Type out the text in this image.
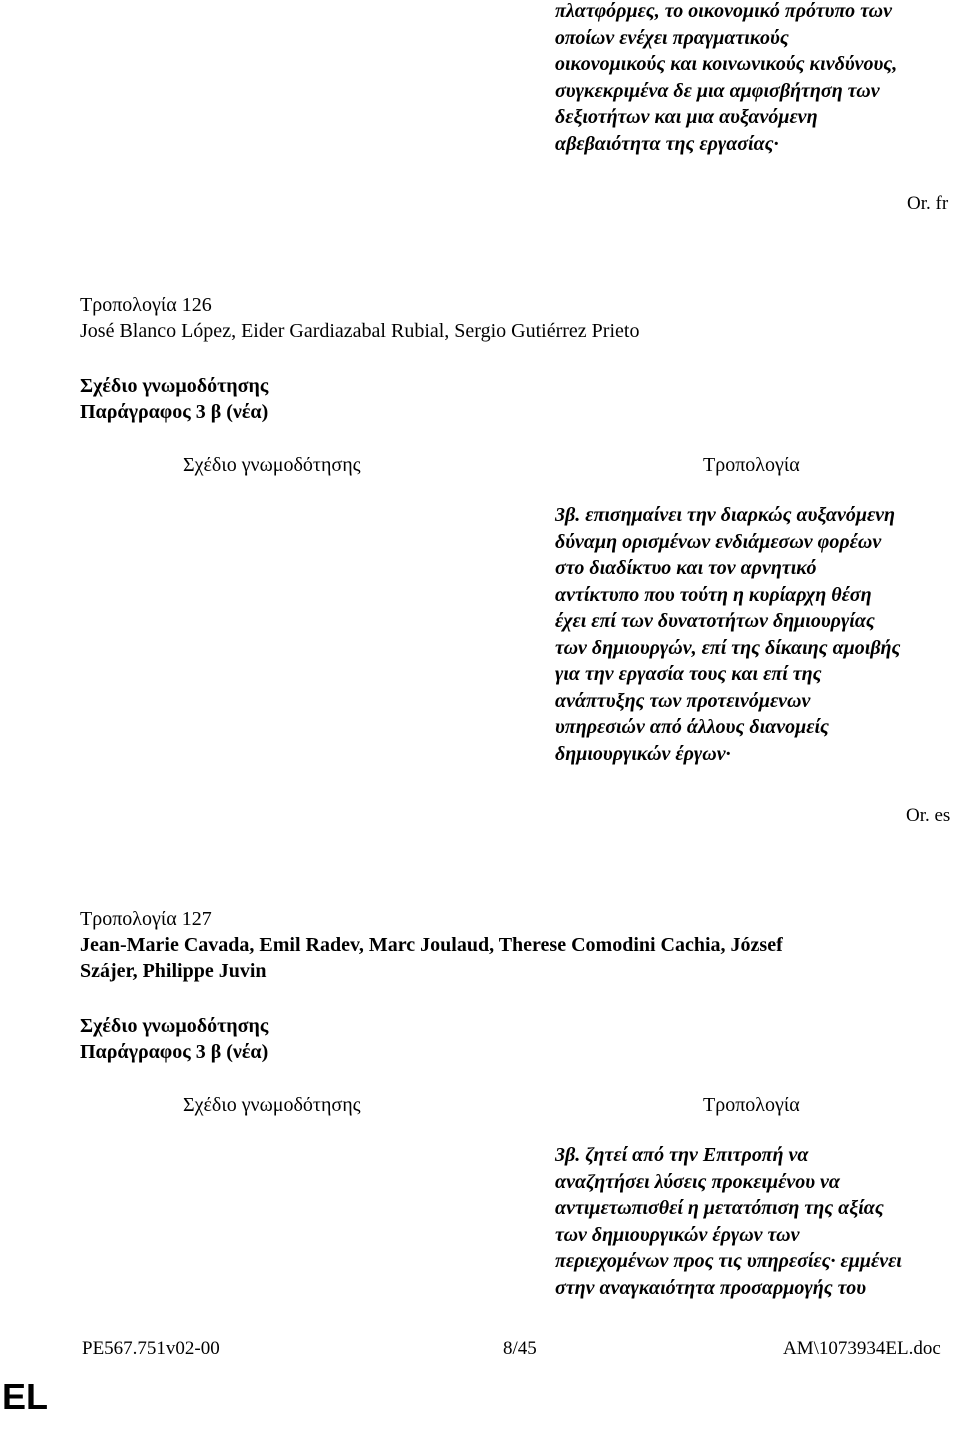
πλατφόρμες, το οικονομικό πρότυπο των
οποίων ενέχει πραγματικούς
οικονομικούς και κοινωνικούς κινδύνους,
συγκεκριμένα δε μια αμφισβήτηση των
δεξιοτήτων και μια αυξανόμενη
αβεβαιότητα της εργασίας·
Or. fr
Τροπολογία 126
José Blanco López, Eider Gardiazabal Rubial, Sergio Gutiérrez Prieto
Σχέδιο γνωμοδότησης
Παράγραφος 3 β (νέα)
Σχέδιο γνωμοδότησης	Τροπολογία
3β. επισημαίνει την διαρκώς αυξανόμενη
δύναμη ορισμένων ενδιάμεσων φορέων
στο διαδίκτυο και τον αρνητικό
αντίκτυπο που τούτη η κυρίαρχη θέση
έχει επί των δυνατοτήτων δημιουργίας
των δημιουργών, επί της δίκαιης αμοιβής
για την εργασία τους και επί της
ανάπτυξης των προτεινόμενων
υπηρεσιών από άλλους διανομείς
δημιουργικών έργων·
Or. es
Τροπολογία 127
Jean-Marie Cavada, Emil Radev, Marc Joulaud, Therese Comodini Cachia, József
Szájer, Philippe Juvin
Σχέδιο γνωμοδότησης
Παράγραφος 3 β (νέα)
Σχέδιο γνωμοδότησης	Τροπολογία
3β. ζητεί από την Επιτροπή να
αναζητήσει λύσεις προκειμένου να
αντιμετωπισθεί η μετατόπιση της αξίας
των δημιουργικών έργων των
περιεχομένων προς τις υπηρεσίες· εμμένει
στην αναγκαιότητα προσαρμογής του
PE567.751v02-00	8/45	AM\1073934EL.doc
EL
